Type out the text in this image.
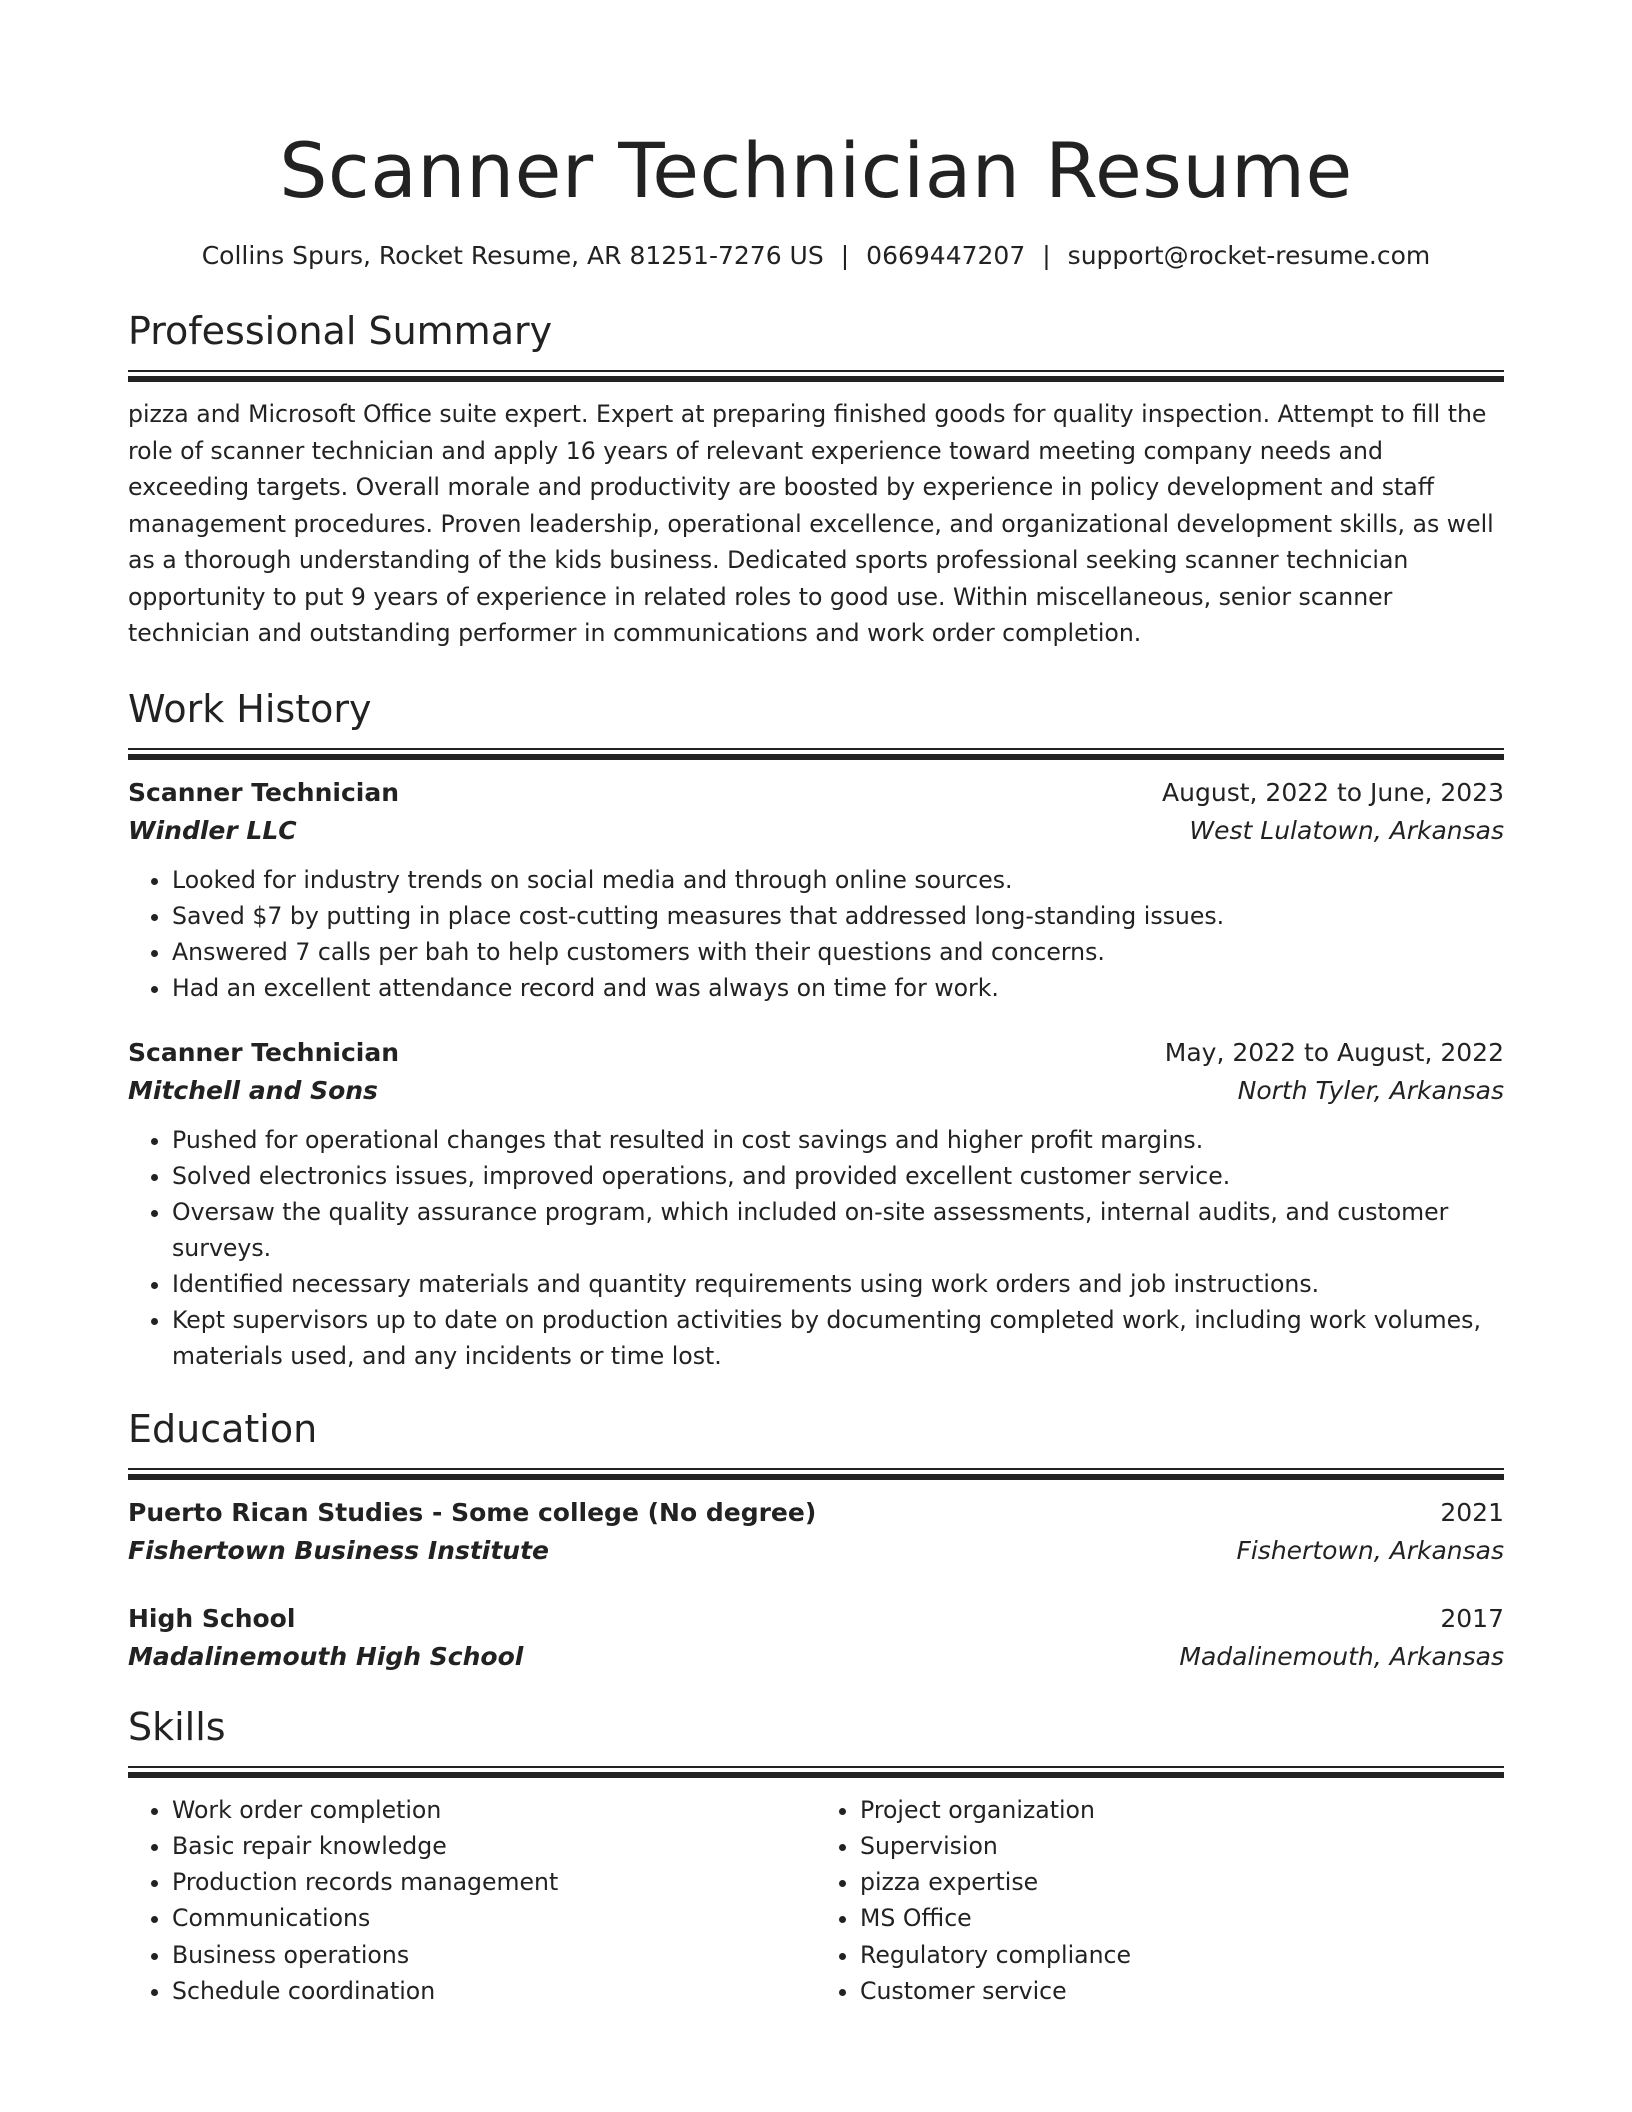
Scanner Technician Resume
Collins Spurs, Rocket Resume, AR 81251-7276 US | 0669447207 | support@rocket-resume.com
Professional Summary

pizza and Microsoft Office suite expert. Expert at preparing finished goods for quality inspection. Attempt to fill the role of scanner technician and apply 16 years of relevant experience toward meeting company needs and exceeding targets. Overall morale and productivity are boosted by experience in policy development and staff management procedures. Proven leadership, operational excellence, and organizational development skills, as well as a thorough understanding of the kids business. Dedicated sports professional seeking scanner technician opportunity to put 9 years of experience in related roles to good use. Within miscellaneous, senior scanner technician and outstanding performer in communications and work order completion.

Work History
Scanner Technician	August, 2022 to June, 2023
Windler LLC	West Lulatown, Arkansas
• Looked for industry trends on social media and through online sources.
• Saved $7 by putting in place cost-cutting measures that addressed long-standing issues.
• Answered 7 calls per bah to help customers with their questions and concerns.
• Had an excellent attendance record and was always on time for work.
Scanner Technician	May, 2022 to August, 2022
Mitchell and Sons	North Tyler, Arkansas
• Pushed for operational changes that resulted in cost savings and higher profit margins.
• Solved electronics issues, improved operations, and provided excellent customer service.
• Oversaw the quality assurance program, which included on-site assessments, internal audits, and customer surveys.
• Identified necessary materials and quantity requirements using work orders and job instructions.
• Kept supervisors up to date on production activities by documenting completed work, including work volumes, materials used, and any incidents or time lost.
Education
Puerto Rican Studies - Some college (No degree)	2021
Fishertown Business Institute	Fishertown, Arkansas
High School	2017
Madalinemouth High School	Madalinemouth, Arkansas
Skills
• Work order completion
• Basic repair knowledge
• Production records management
• Communications
• Business operations
• Schedule coordination
• Project organization
• Supervision
• pizza expertise
• MS Office
• Regulatory compliance
• Customer service
